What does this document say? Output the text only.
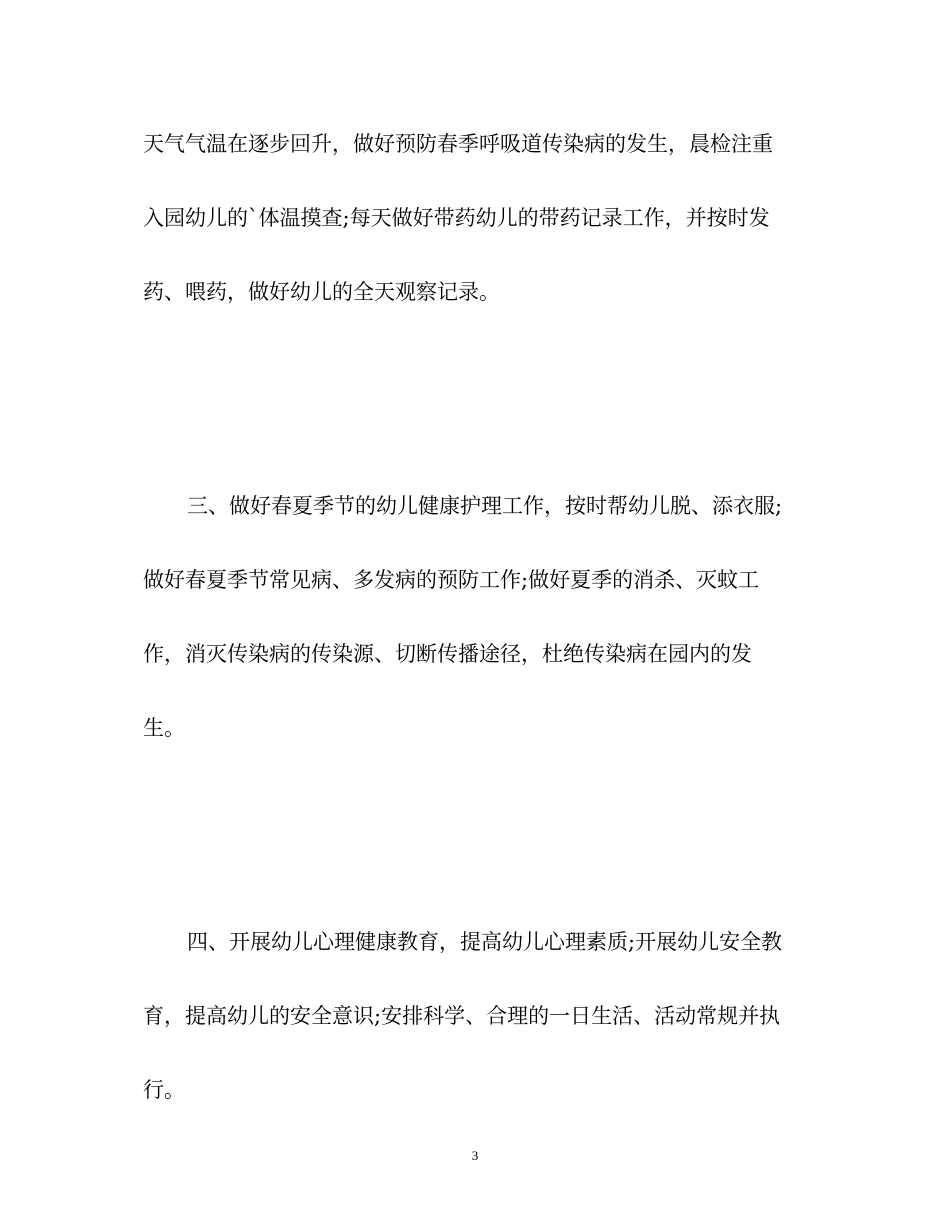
天气气温在逐步回升，做好预防春季呼吸道传染病的发生，晨检注重
入园幼儿的`体温摸查;每天做好带药幼儿的带药记录工作，并按时发
药、喂药，做好幼儿的全天观察记录。
三、做好春夏季节的幼儿健康护理工作，按时帮幼儿脱、添衣服;
做好春夏季节常见病、多发病的预防工作;做好夏季的消杀、灭蚊工
作，消灭传染病的传染源、切断传播途径，杜绝传染病在园内的发
生。
四、开展幼儿心理健康教育，提高幼儿心理素质;开展幼儿安全教
育，提高幼儿的安全意识;安排科学、合理的一日生活、活动常规并执
行。
3
